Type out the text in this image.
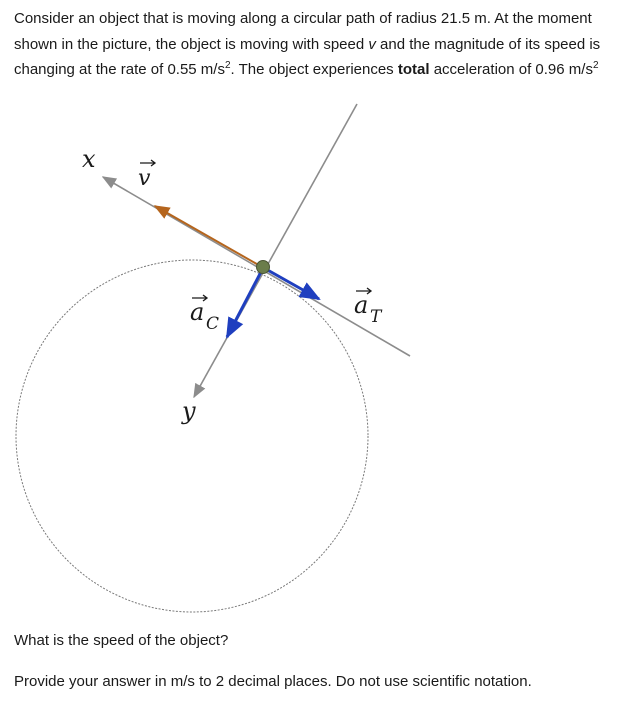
Consider an object that is moving along a circular path of radius 21.5 m. At the moment shown in the picture, the object is moving with speed v and the magnitude of its speed is changing at the rate of 0.55 $m/s^2$. The object experiences total acceleration of 0.96 $m/s^2$
x
y
v
a C
a T
What is the speed of the object?
Provide your answer in m/s to 2 decimal places. Do not use scientific notation.
